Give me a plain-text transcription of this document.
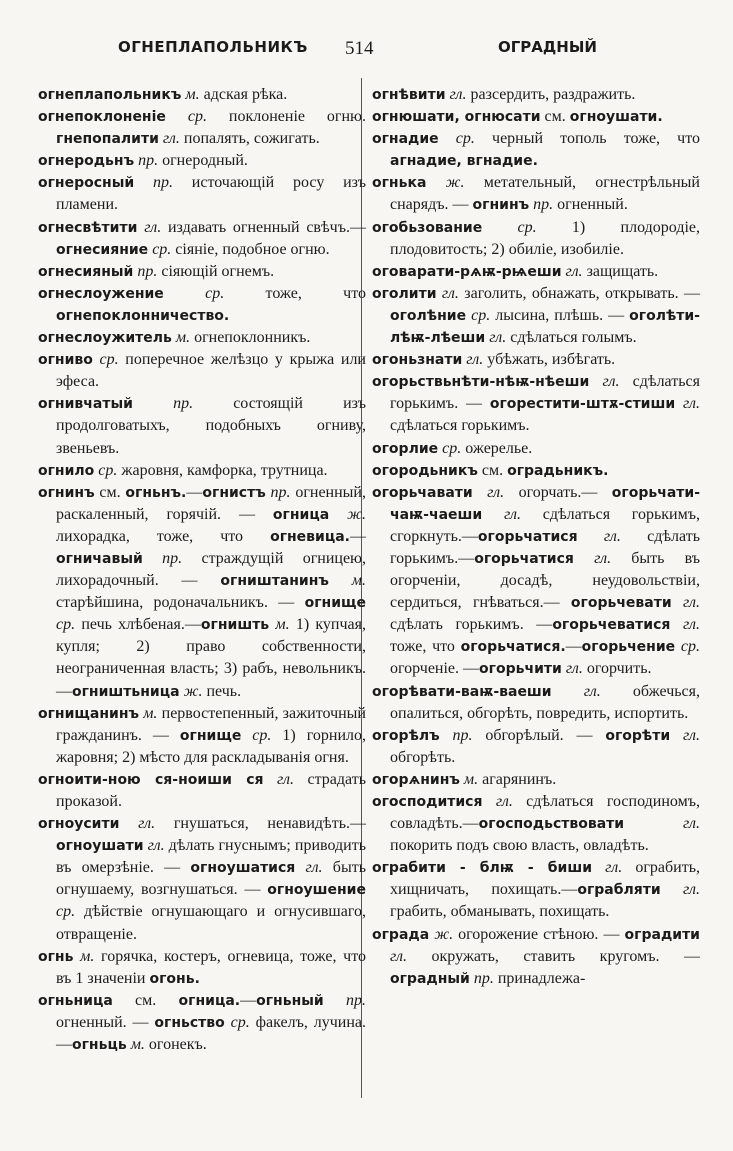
ОГНЕПЛАПОЛЬНИКЪ 514	ОГРАДНЫЙ

огнеплапольникъ м. адская рѣка.

огнепоклоненіе ср. поклоненіе огню. гнепопалити гл. попалять, сожигать.

огнеродьнъ пр. огнеродный.

огнеросный пр. источающій росу изъ пламени.

огнесвѣтити гл. издавать огненный свѣчъ.—огнесияние ср. сіяніе, подобное огню.

огнесияный пр. сіяющій огнемъ.

огнеслоужение ср. тоже, что огнепоклонничество.

огнеслоужитель м. огнепоклонникъ.

огниво ср. поперечное желѣзцо у крыжа или эфеса.

огнивчатый пр. состоящій изъ продолговатыхъ, подобныхъ огниву, звеньевъ.

огнило ср. жаровня, камфорка, трутница.

огнинъ см. огньнъ.—огнистъ пр. огненный, раскаленный, горячій. — огница ж. лихорадка, тоже, что огневица.—огничавый пр. страждущій огницею, лихорадочный. — огништанинъ м. старѣйшина, родоначальникъ. — огнище ср. печь хлѣбеная.—огништь м. 1) купчая, купля; 2) право собственности, неограниченная власть; 3) рабъ, невольникъ. —огништьница ж. печь.

огнищанинъ м. первостепенный, зажиточный гражданинъ. — огнище ср. 1) горнило, жаровня; 2) мѣсто для раскладыванія огня.

огноити-ною ся-ноиши ся гл. страдать проказой.

огноусити гл. гнушаться, ненавидѣть.—огноушати гл. дѣлать гнуснымъ; приводить въ омерзѣніе. — огноушатися гл. быть огнушаему, возгнушаться. — огноушение ср. дѣйствіе огнушающаго и огнусившаго, отвращеніе.

огнь м. горячка, костеръ, огневица, тоже, что въ 1 значеніи огонь.

огньница см. огница.—огньный пр. огненный. — огньство ср. факелъ, лучина.—огньць м. огонекъ.

огнѣвити гл. разсердить, раздражить.

огнюшати, огнюсати см. огноушати.

огнадие ср. черный тополь тоже, что агнадие, вгнадие.

огнька ж. метательный, огнестрѣльный снарядъ. — огнинъ пр. огненный.

огобьзование ср. 1) плодородіе, плодовитость; 2) обиліе, изобиліе.

оговарати-рѧѭ-рѩеши гл. защищать.

оголити гл. заголить, обнажать, открывать. — оголѣние ср. лысина, плѣшь. — оголѣти-лѣѭ-лѣеши гл. сдѣлаться голымъ.

огоньзнати гл. убѣжать, избѣгать.

огорьствьнѣти-нѣѭ-нѣеши гл. сдѣлаться горькимъ. — огорестити-штѫ-стиши гл. сдѣлаться горькимъ.

огорлие ср. ожерелье.

огородьникъ см. оградьникъ.

огорьчавати гл. огорчать.— огорьчати-чаѭ-чаеши гл. сдѣлаться горькимъ, сгоркнуть.—огорьчатися гл. сдѣлать горькимъ.—огорьчатися гл. быть въ огорченіи, досадѣ, неудовольствіи, сердиться, гнѣваться.— огорьчевати гл. сдѣлать горькимъ. —огорьчеватися гл. тоже, что огорьчатися.—огорьчение ср. огорченіе. —огорьчити гл. огорчить.

огорѣвати-ваѭ-ваеши гл. обжечься, опалиться, обгорѣть, повредить, испортить.

огорѣлъ пр. обгорѣлый. — огорѣти гл. обгорѣть.

огорѧнинъ м. агарянинъ.

огосподитися гл. сдѣлаться господиномъ, совладѣть.—огосподьствовати гл. покорить подъ свою власть, овладѣть.

ограбити - блѭ - биши гл. ограбить, хищничать, похищать.—ограбляти гл. грабить, обманывать, похищать.

ограда ж. огорожение стѣною. — оградити гл. окружать, ставить кругомъ. — оградный пр. принадлежа-
